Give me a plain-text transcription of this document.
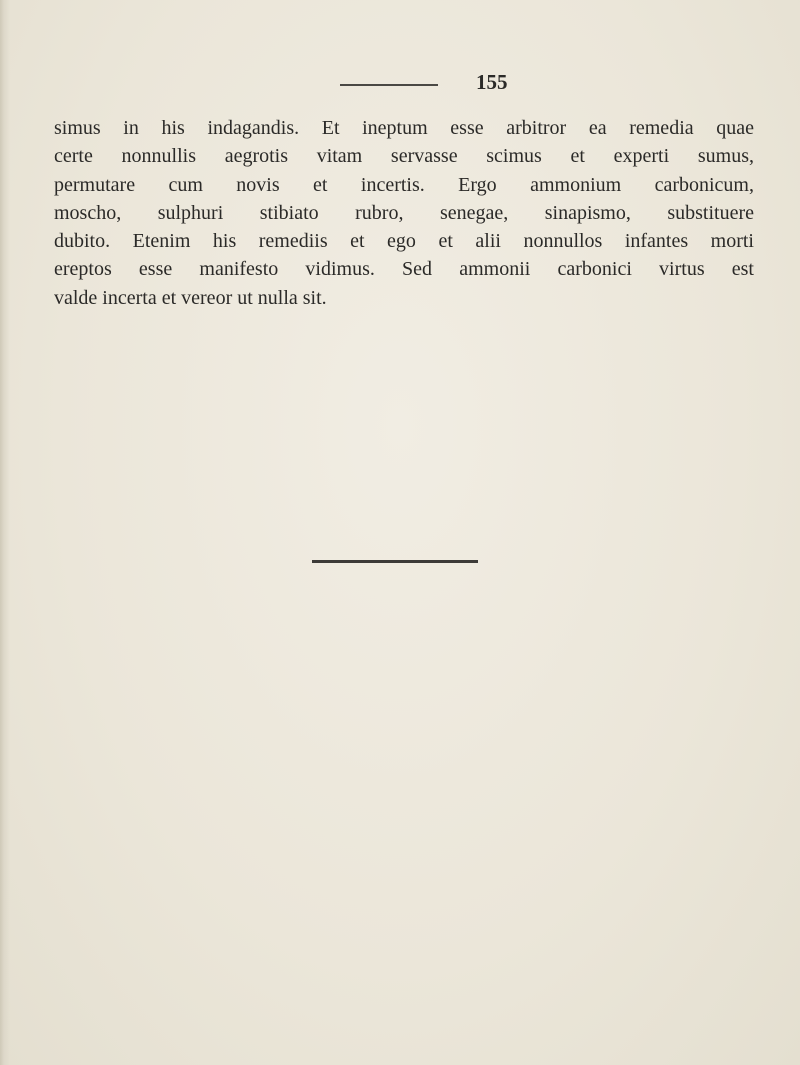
155

simus in his indagandis. Et ineptum esse arbitror ea remedia quae
certe nonnullis aegrotis vitam servasse scimus et experti sumus,
permutare cum novis et incertis. Ergo ammonium carbonicum,
moscho, sulphuri stibiato rubro, senegae, sinapismo, substituere
dubito. Etenim his remediis et ego et alii nonnullos infantes morti
ereptos esse manifesto vidimus. Sed ammonii carbonici virtus est
valde incerta et vereor ut nulla sit.
